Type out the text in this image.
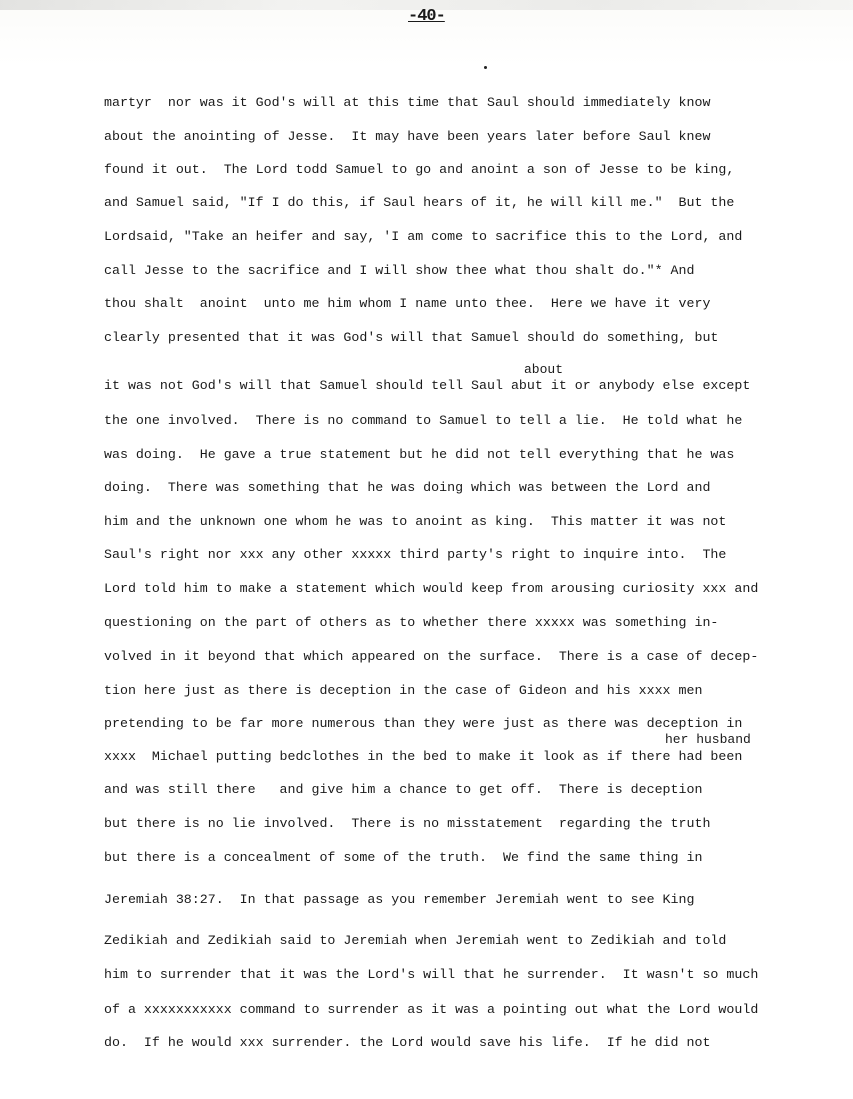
-40-
martyr  nor was it God's will at this time that Saul should immediately know
about the anointing of Jesse.  It may have been years later before Saul knew
found it out.  The Lord todd Samuel to go and anoint a son of Jesse to be king,
and Samuel said, "If I do this, if Saul hears of it, he will kill me."  But the
Lordsaid, "Take an heifer and say, 'I am come to sacrifice this to the Lord, and
call Jesse to the sacrifice and I will show thee what thou shalt do."* And
thou shalt  anoint  unto me him whom I name unto thee.  Here we have it very
clearly presented that it was God's will that Samuel should do something, but
about
it was not God's will that Samuel should tell Saul abut it or anybody else except
the one involved.  There is no command to Samuel to tell a lie.  He told what he
was doing.  He gave a true statement but he did not tell everything that he was
doing.  There was something that he was doing which was between the Lord and
him and the unknown one whom he was to anoint as king.  This matter it was not
Saul's right nor xxx any other xxxxx third party's right to inquire into.  The
Lord told him to make a statement which would keep from arousing curiosity xxx and
questioning on the part of others as to whether there xxxxx was something in-
volved in it beyond that which appeared on the surface.  There is a case of decep-
tion here just as there is deception in the case of Gideon and his xxxx men
pretending to be far more numerous than they were just as there was deception in
her husband
xxxx  Michael putting bedclothes in the bed to make it look as if there had been
and was still there   and give him a chance to get off.  There is deception
but there is no lie involved.  There is no misstatement  regarding the truth
but there is a concealment of some of the truth.  We find the same thing in
Jeremiah 38:27.  In that passage as you remember Jeremiah went to see King
Zedikiah and Zedikiah said to Jeremiah when Jeremiah went to Zedikiah and told
him to surrender that it was the Lord's will that he surrender.  It wasn't so much
of a xxxxxxxxxxx command to surrender as it was a pointing out what the Lord would
do.  If he would xxx surrender. the Lord would save his life.  If he did not
